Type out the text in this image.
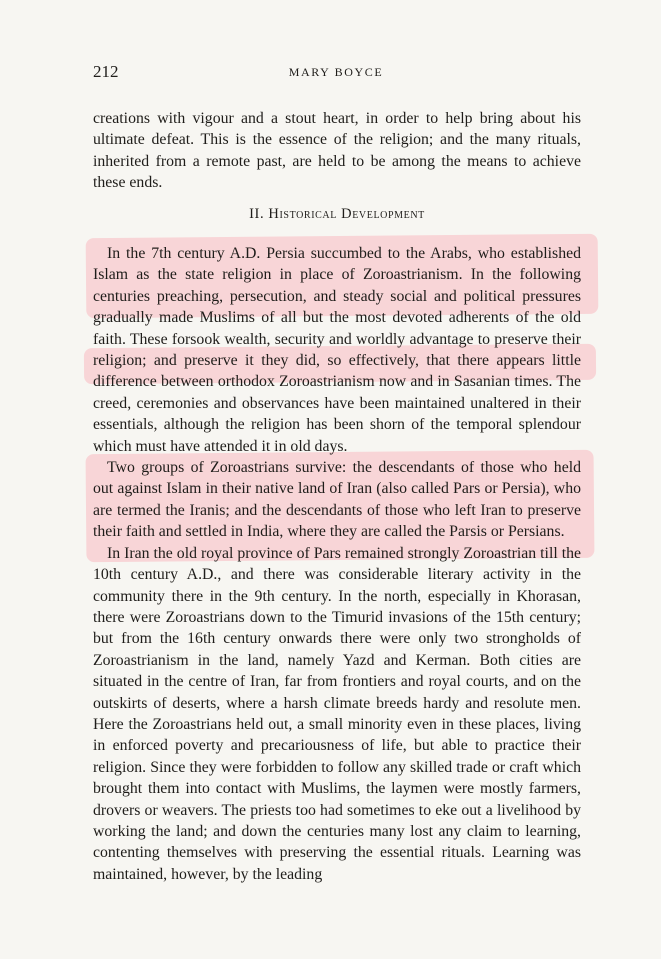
212	MARY BOYCE

creations with vigour and a stout heart, in order to help bring about his ultimate defeat. This is the essence of the religion; and the many rituals, inherited from a remote past, are held to be among the means to achieve these ends.

II. Historical Development

In the 7th century A.D. Persia succumbed to the Arabs, who established Islam as the state religion in place of Zoroastrianism. In the following centuries preaching, persecution, and steady social and political pressures gradually made Muslims of all but the most devoted adherents of the old faith. These forsook wealth, security and worldly advantage to preserve their religion; and preserve it they did, so effectively, that there appears little difference between orthodox Zoroastrianism now and in Sasanian times. The creed, ceremonies and observances have been maintained unaltered in their essentials, although the religion has been shorn of the temporal splendour which must have attended it in old days.

Two groups of Zoroastrians survive: the descendants of those who held out against Islam in their native land of Iran (also called Pars or Persia), who are termed the Iranis; and the descendants of those who left Iran to preserve their faith and settled in India, where they are called the Parsis or Persians.

In Iran the old royal province of Pars remained strongly Zoroastrian till the 10th century A.D., and there was considerable literary activity in the community there in the 9th century. In the north, especially in Khorasan, there were Zoroastrians down to the Timurid invasions of the 15th century; but from the 16th century onwards there were only two strongholds of Zoroastrianism in the land, namely Yazd and Kerman. Both cities are situated in the centre of Iran, far from frontiers and royal courts, and on the outskirts of deserts, where a harsh climate breeds hardy and resolute men. Here the Zoroastrians held out, a small minority even in these places, living in enforced poverty and precariousness of life, but able to practice their religion. Since they were forbidden to follow any skilled trade or craft which brought them into contact with Muslims, the laymen were mostly farmers, drovers or weavers. The priests too had sometimes to eke out a livelihood by working the land; and down the centuries many lost any claim to learning, contenting themselves with preserving the essential rituals. Learning was maintained, however, by the leading
